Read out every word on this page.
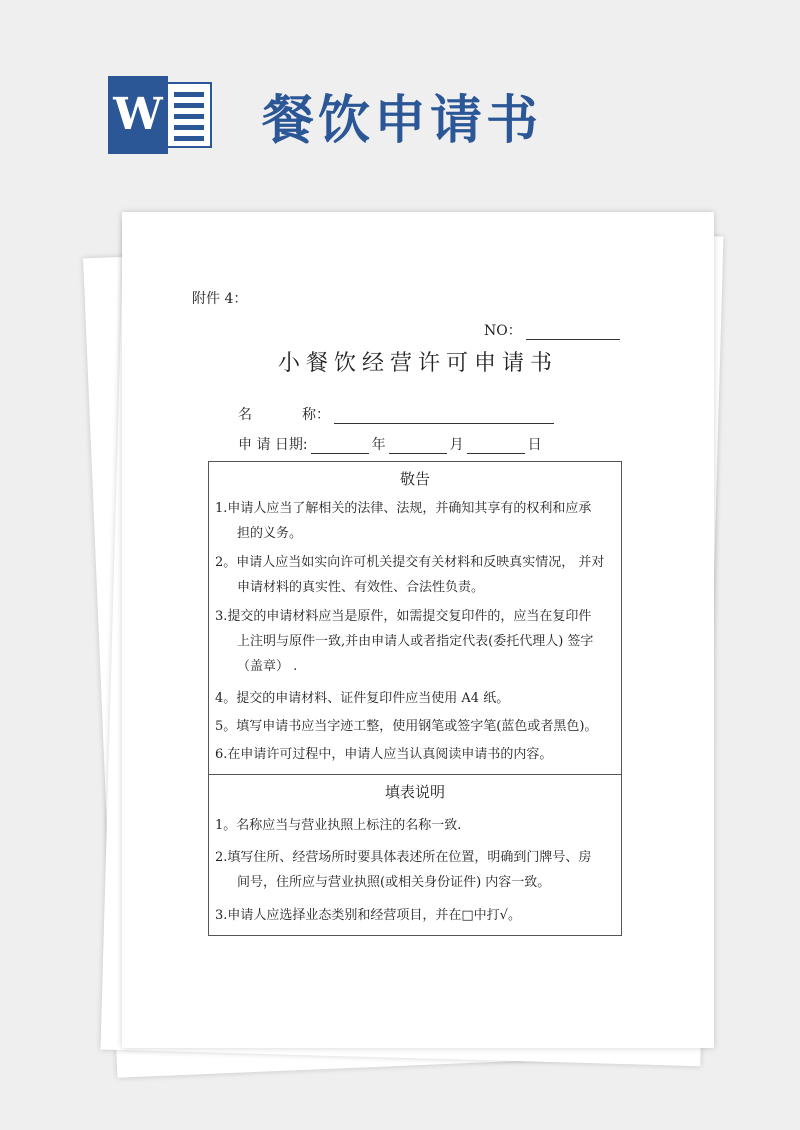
W 餐饮申请书
附件 4：
NO：
小餐饮经营许可申请书
名	称：
申 请 日期:	年	月	日
敬告
1.申请人应当了解相关的法律、法规，并确知其享有的权利和应承
担的义务。
2。申请人应当如实向许可机关提交有关材料和反映真实情况， 并对
申请材料的真实性、有效性、合法性负责。
3.提交的申请材料应当是原件，如需提交复印件的，应当在复印件
上注明与原件一致,并由申请人或者指定代表(委托代理人) 签字
（盖章） .
4。提交的申请材料、证件复印件应当使用 A4 纸。
5。填写申请书应当字迹工整，使用钢笔或签字笔(蓝色或者黑色)。
6.在申请许可过程中，申请人应当认真阅读申请书的内容。
填表说明
1。名称应当与营业执照上标注的名称一致.
2.填写住所、经营场所时要具体表述所在位置，明确到门牌号、房
间号，住所应与营业执照(或相关身份证件) 内容一致。
3.申请人应选择业态类别和经营项目，并在□中打√。
